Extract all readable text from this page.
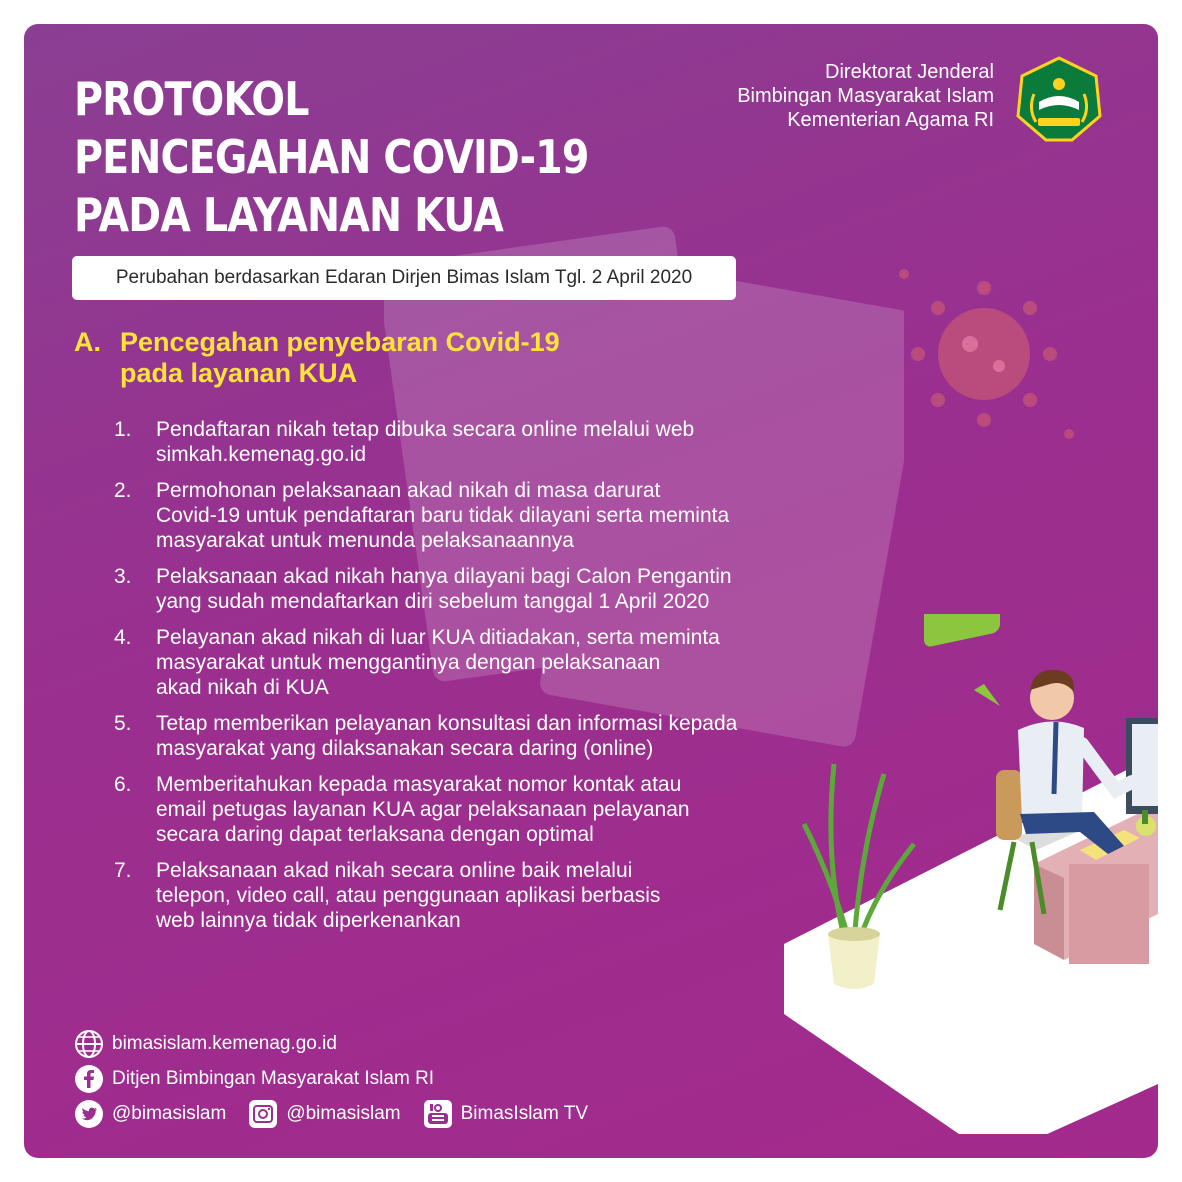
PROTOKOL
PENCEGAHAN COVID-19
PADA LAYANAN KUA
Direktorat Jenderal
Bimbingan Masyarakat Islam
Kementerian Agama RI
Perubahan berdasarkan Edaran Dirjen Bimas Islam Tgl. 2 April 2020
A. Pencegahan penyebaran Covid-19
pada layanan KUA
1.	Pendaftaran nikah tetap dibuka secara online melalui web
simkah.kemenag.go.id
2.	Permohonan pelaksanaan akad nikah di masa darurat
Covid-19 untuk pendaftaran baru tidak dilayani serta meminta
masyarakat untuk menunda pelaksanaannya
3.	Pelaksanaan akad nikah hanya dilayani bagi Calon Pengantin
yang sudah mendaftarkan diri sebelum tanggal 1 April 2020
4.	Pelayanan akad nikah di luar KUA ditiadakan, serta meminta
masyarakat untuk menggantinya dengan pelaksanaan
akad nikah di KUA
5.	Tetap memberikan pelayanan konsultasi dan informasi kepada
masyarakat yang dilaksanakan secara daring (online)
6.	Memberitahukan kepada masyarakat nomor kontak atau
email petugas layanan KUA agar pelaksanaan pelayanan
secara daring dapat terlaksana dengan optimal
7.	Pelaksanaan akad nikah secara online baik melalui
telepon, video call, atau penggunaan aplikasi berbasis
web lainnya tidak diperkenankan
bimasislam.kemenag.go.id
Ditjen Bimbingan Masyarakat Islam RI
@bimasislam	@bimasislam	BimasIslam TV
